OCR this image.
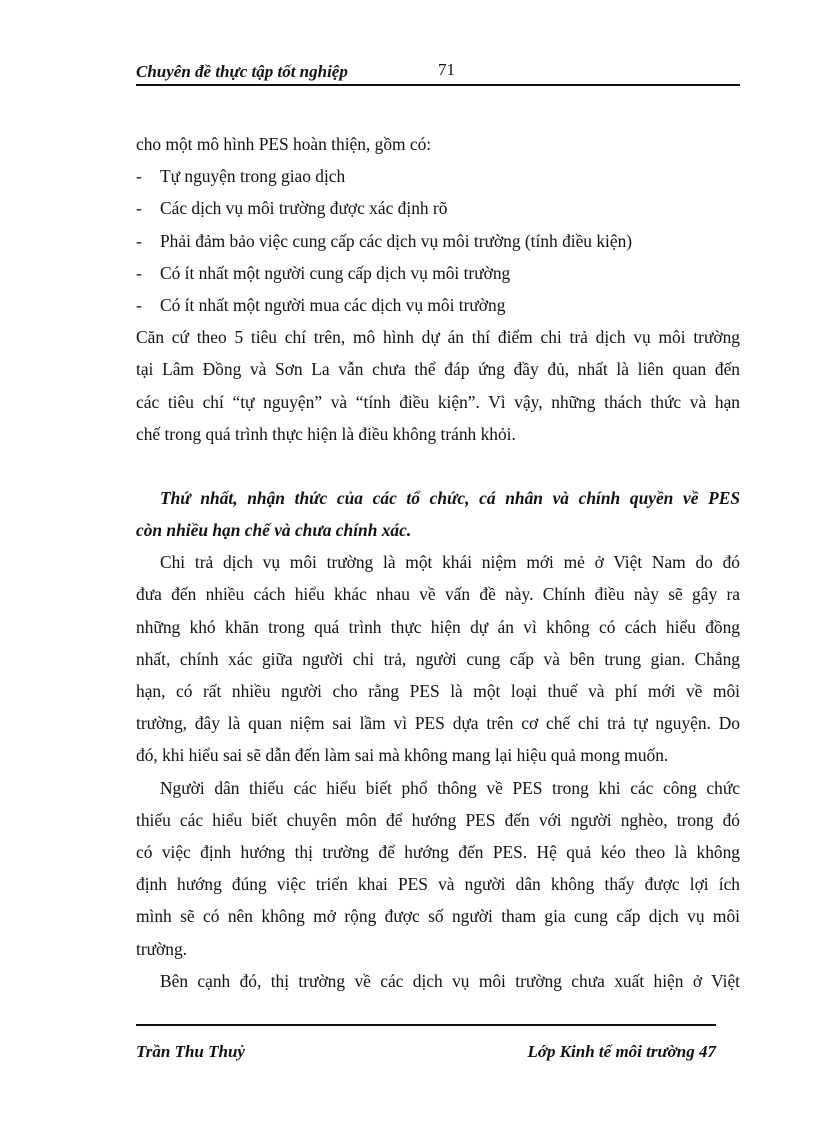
Chuyên đề thực tập tốt nghiệp	71
cho một mô hình PES hoàn thiện, gồm có:
-	Tự nguyện trong giao dịch
-	Các dịch vụ môi trường được xác định rõ
-	Phải đảm bảo việc cung cấp các dịch vụ môi trường (tính điều kiện)
-	Có ít nhất một người cung cấp dịch vụ môi trường
-	Có ít nhất một người mua các dịch vụ môi trường
Căn cứ theo 5 tiêu chí trên, mô hình dự án thí điểm chi trả dịch vụ môi trường
tại Lâm Đồng và Sơn La vẫn chưa thể đáp ứng đầy đủ, nhất là liên quan đến
các tiêu chí “tự nguyện” và “tính điều kiện”. Vì vậy, những thách thức và hạn
chế trong quá trình thực hiện là điều không tránh khỏi.
Thứ nhất, nhận thức của các tổ chức, cá nhân và chính quyền về PES
còn nhiều hạn chế và chưa chính xác.
Chi trả dịch vụ môi trường là một khái niệm mới mẻ ở Việt Nam do đó
đưa đến nhiều cách hiểu khác nhau về vấn đề này. Chính điều này sẽ gây ra
những khó khăn trong quá trình thực hiện dự án vì không có cách hiểu đồng
nhất, chính xác giữa người chi trả, người cung cấp và bên trung gian. Chẳng
hạn, có rất nhiều người cho rằng PES là một loại thuế và phí mới về môi
trường, đây là quan niệm sai lầm vì PES dựa trên cơ chế chi trả tự nguyện. Do
đó, khi hiểu sai sẽ dẫn đến làm sai mà không mang lại hiệu quả mong muốn.
Người dân thiếu các hiểu biết phổ thông về PES trong khi các công chức
thiếu các hiểu biết chuyên môn để hướng PES đến với người nghèo, trong đó
có việc định hướng thị trường để hướng đến PES. Hệ quả kéo theo là không
định hướng đúng việc triển khai PES và người dân không thấy được lợi ích
mình sẽ có nên không mở rộng được số người tham gia cung cấp dịch vụ môi
trường.
Bên cạnh đó, thị trường về các dịch vụ môi trường chưa xuất hiện ở Việt
Trần Thu Thuỷ	Lớp Kinh tế môi trường 47
